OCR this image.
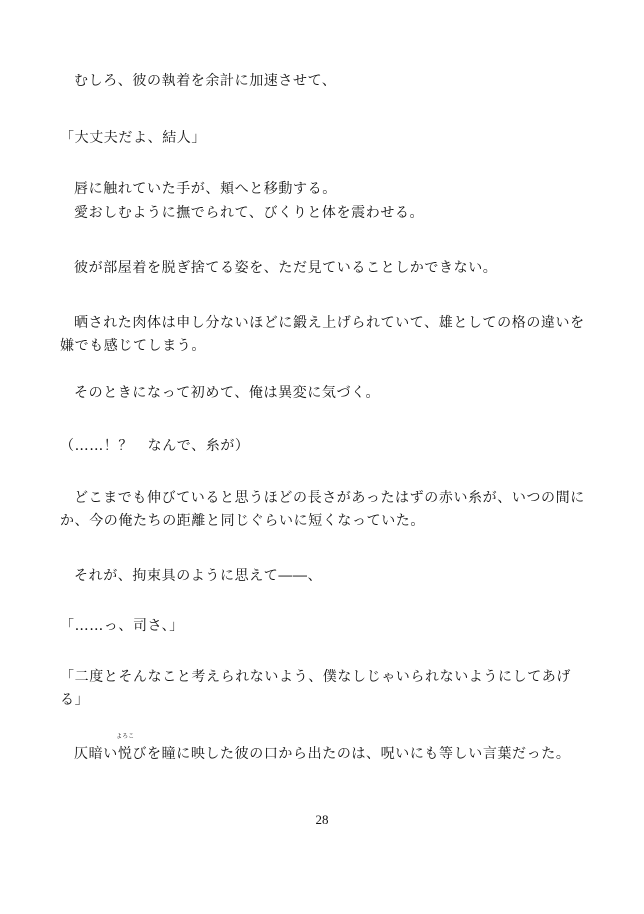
むしろ、彼の執着を余計に加速させて、
「大丈夫だよ、結人」
唇に触れていた手が、頬へと移動する。
愛おしむように撫でられて、びくりと体を震わせる。
彼が部屋着を脱ぎ捨てる姿を、ただ見ていることしかできない。
晒された肉体は申し分ないほどに鍛え上げられていて、雄としての格の違いを嫌でも感じてしまう。
そのときになって初めて、俺は異変に気づく。
（……！？　なんで、糸が）
どこまでも伸びていると思うほどの長さがあったはずの赤い糸が、いつの間にか、今の俺たちの距離と同じぐらいに短くなっていた。
それが、拘束具のように思えて――、
「……っ、司さ、」
「二度とそんなこと考えられないよう、僕なしじゃいられないようにしてあげる」
仄暗い
よろこ
悦びを瞳に映した彼の口から出たのは、呪いにも等しい言葉だった。
28
